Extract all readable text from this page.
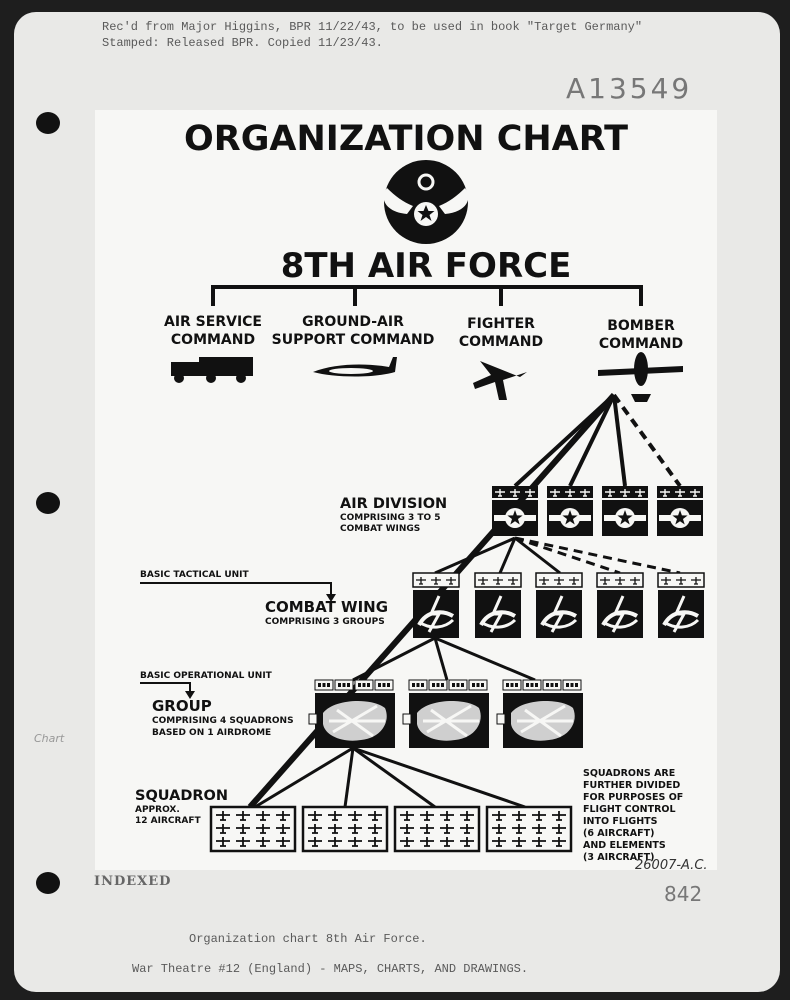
Rec'd from Major Higgins, BPR 11/22/43, to be used in book "Target Germany"
Stamped: Released BPR. Copied 11/23/43.
A13549
Chart
INDEXED
842
Organization chart 8th Air Force.
War Theatre #12 (England) - MAPS, CHARTS, AND DRAWINGS.
ORGANIZATION CHART
8TH AIR FORCE
AIR SERVICE
COMMAND
GROUND-AIR
SUPPORT COMMAND
FIGHTER
COMMAND
BOMBER
COMMAND
AIR DIVISION
COMPRISING 3 TO 5
COMBAT WINGS
BASIC TACTICAL UNIT
COMBAT WING
COMPRISING 3 GROUPS
BASIC OPERATIONAL UNIT
GROUP
COMPRISING 4 SQUADRONS
BASED ON 1 AIRDROME
SQUADRON
APPROX.
12 AIRCRAFT
SQUADRONS ARE
FURTHER DIVIDED
FOR PURPOSES OF
FLIGHT CONTROL
INTO FLIGHTS
(6 AIRCRAFT)
AND ELEMENTS
(3 AIRCRAFT)
26007-A.C.
